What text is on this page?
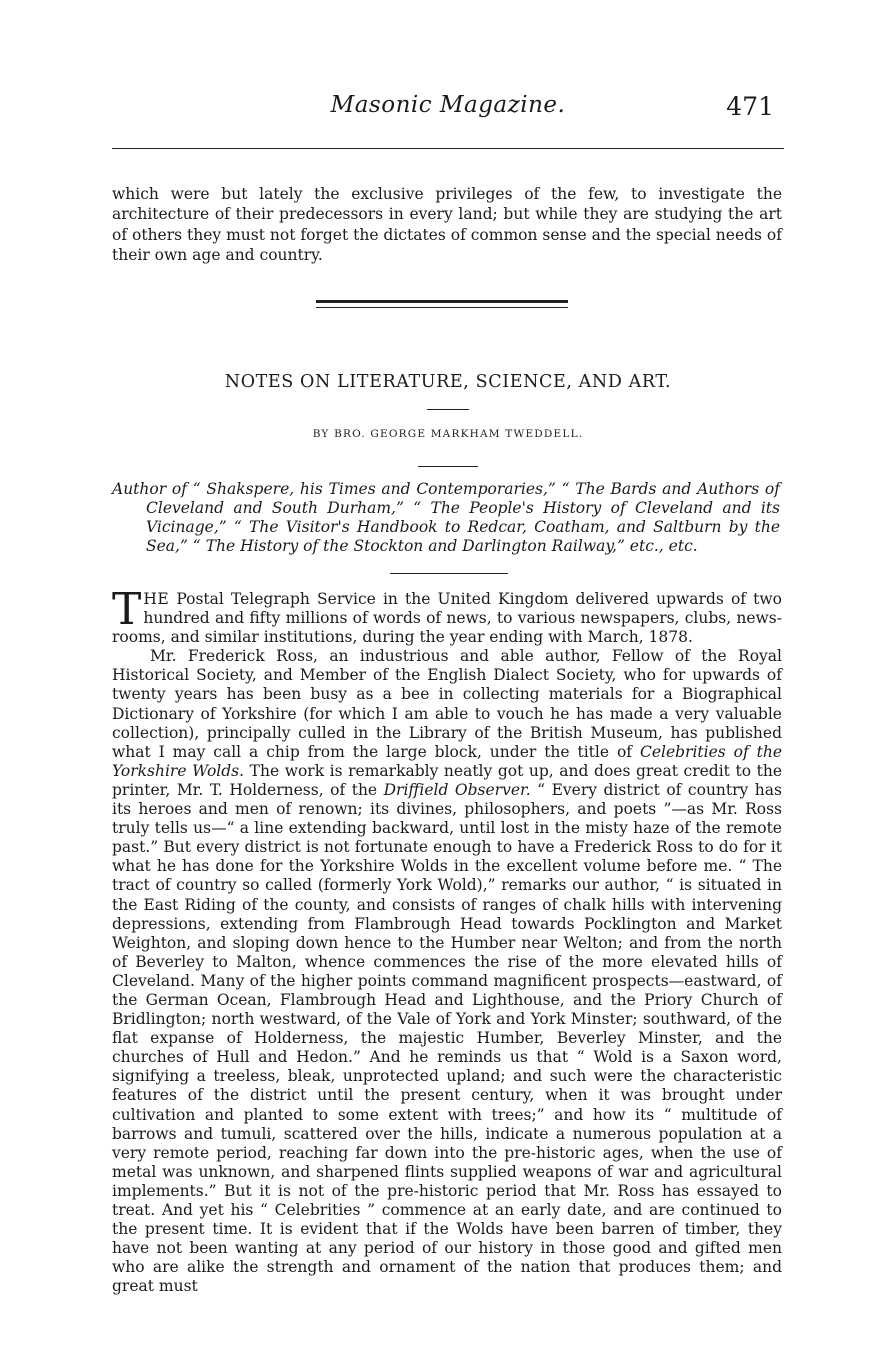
Masonic Magazine.	471
which were but lately the exclusive privileges of the few, to investigate the architecture of their predecessors in every land; but while they are studying the art of others they must not forget the dictates of common sense and the special needs of their own age and country.
NOTES ON LITERATURE, SCIENCE, AND ART.
BY BRO. GEORGE MARKHAM TWEDDELL.
Author of “ Shakspere, his Times and Contemporaries,” “ The Bards and Authors of Cleveland and South Durham,” “ The People's History of Cleveland and its Vicinage,” “ The Visitor's Handbook to Redcar, Coatham, and Saltburn by the Sea,” “ The History of the Stockton and Darlington Railway,” etc., etc.

THE Postal Telegraph Service in the United Kingdom delivered upwards of two hundred and fifty millions of words of news, to various newspapers, clubs, news-rooms, and similar institutions, during the year ending with March, 1878.

Mr. Frederick Ross, an industrious and able author, Fellow of the Royal Historical Society, and Member of the English Dialect Society, who for upwards of twenty years has been busy as a bee in collecting materials for a Biographical Dictionary of Yorkshire (for which I am able to vouch he has made a very valuable collection), principally culled in the Library of the British Museum, has published what I may call a chip from the large block, under the title of Celebrities of the Yorkshire Wolds. The work is remarkably neatly got up, and does great credit to the printer, Mr. T. Holderness, of the Driffield Observer. “ Every district of country has its heroes and men of renown; its divines, philosophers, and poets ”—as Mr. Ross truly tells us—“ a line extending backward, until lost in the misty haze of the remote past.” But every district is not fortunate enough to have a Frederick Ross to do for it what he has done for the Yorkshire Wolds in the excellent volume before me. “ The tract of country so called (formerly York Wold),” remarks our author, “ is situated in the East Riding of the county, and consists of ranges of chalk hills with intervening depressions, extending from Flambrough Head towards Pocklington and Market Weighton, and sloping down hence to the Humber near Welton; and from the north of Beverley to Malton, whence commences the rise of the more elevated hills of Cleveland. Many of the higher points command magnificent prospects—eastward, of the German Ocean, Flambrough Head and Lighthouse, and the Priory Church of Bridlington; north westward, of the Vale of York and York Minster; southward, of the flat expanse of Holderness, the majestic Humber, Beverley Minster, and the churches of Hull and Hedon.” And he reminds us that “ Wold is a Saxon word, signifying a treeless, bleak, unprotected upland; and such were the characteristic features of the district until the present century, when it was brought under cultivation and planted to some extent with trees;” and how its “ multitude of barrows and tumuli, scattered over the hills, indicate a numerous population at a very remote period, reaching far down into the pre-historic ages, when the use of metal was unknown, and sharpened flints supplied weapons of war and agricultural implements.” But it is not of the pre-historic period that Mr. Ross has essayed to treat. And yet his “ Celebrities ” commence at an early date, and are continued to the present time. It is evident that if the Wolds have been barren of timber, they have not been wanting at any period of our history in those good and gifted men who are alike the strength and ornament of the nation that produces them; and great must
